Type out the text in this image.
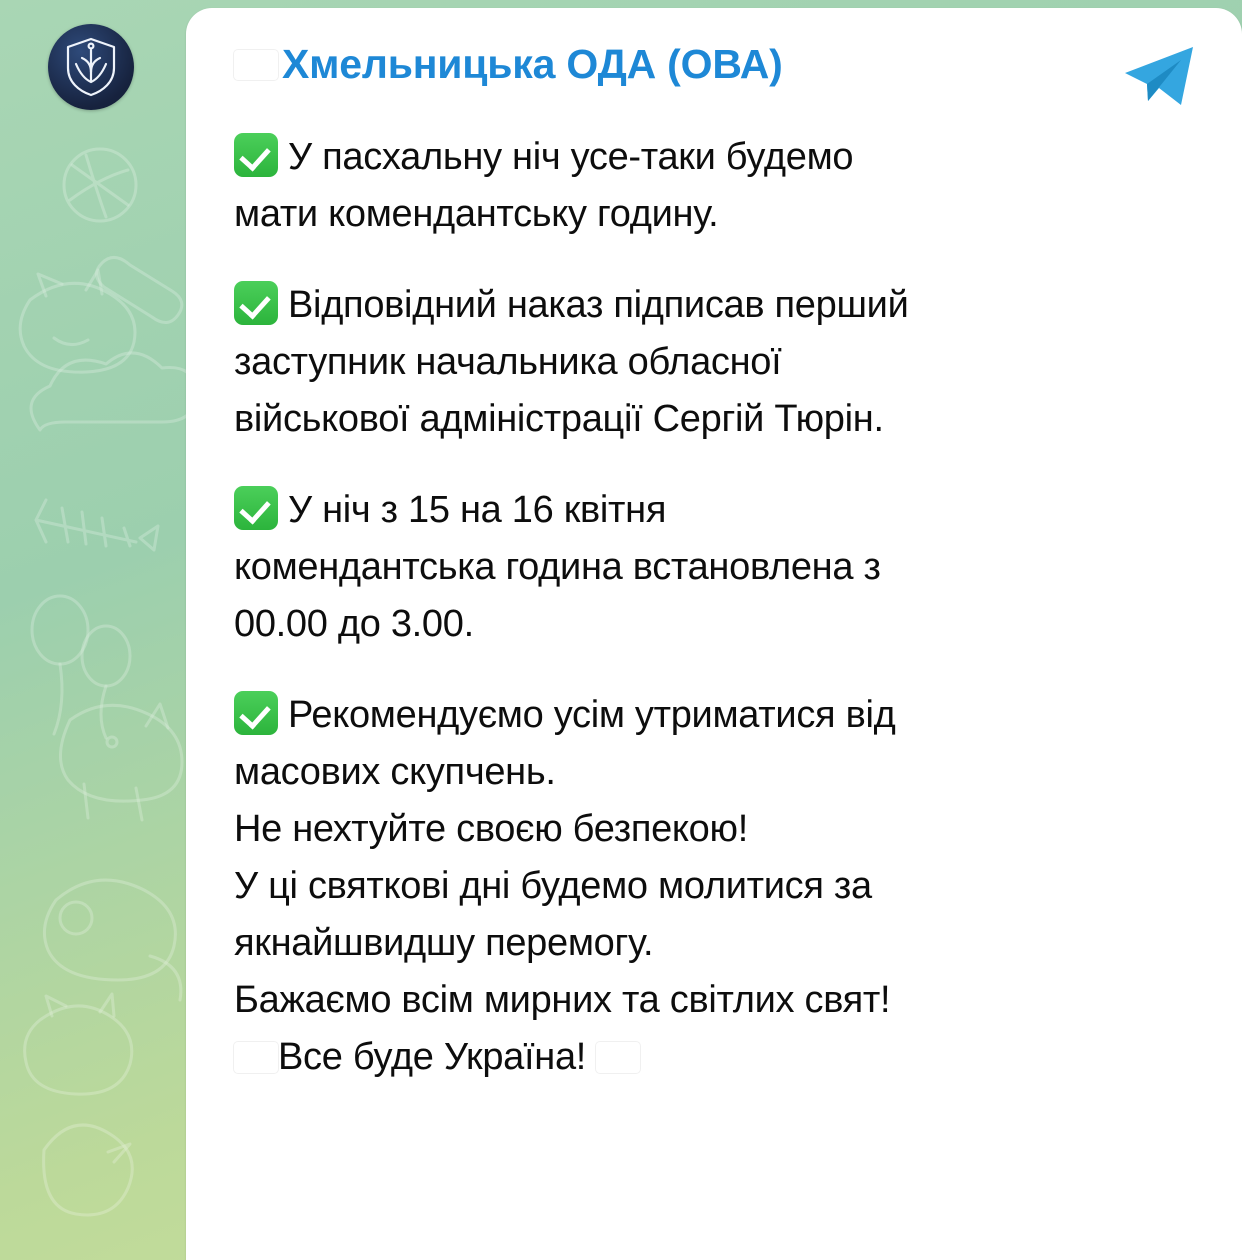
Хмельницька ОДА (ОВА)

У пасхальну ніч усе-таки будемо
мати комендантську годину.

Відповідний наказ підписав перший
заступник начальника обласної
військової адміністрації Сергій Тюрін.

У ніч з 15 на 16 квітня
комендантська година встановлена з
00.00 до 3.00.

Рекомендуємо усім утриматися від
масових скупчень.
Не нехтуйте своєю безпекою!
У ці святкові дні будемо молитися за
якнайшвидшу перемогу.
Бажаємо всім мирних та світлих свят!
Все буде Україна!
